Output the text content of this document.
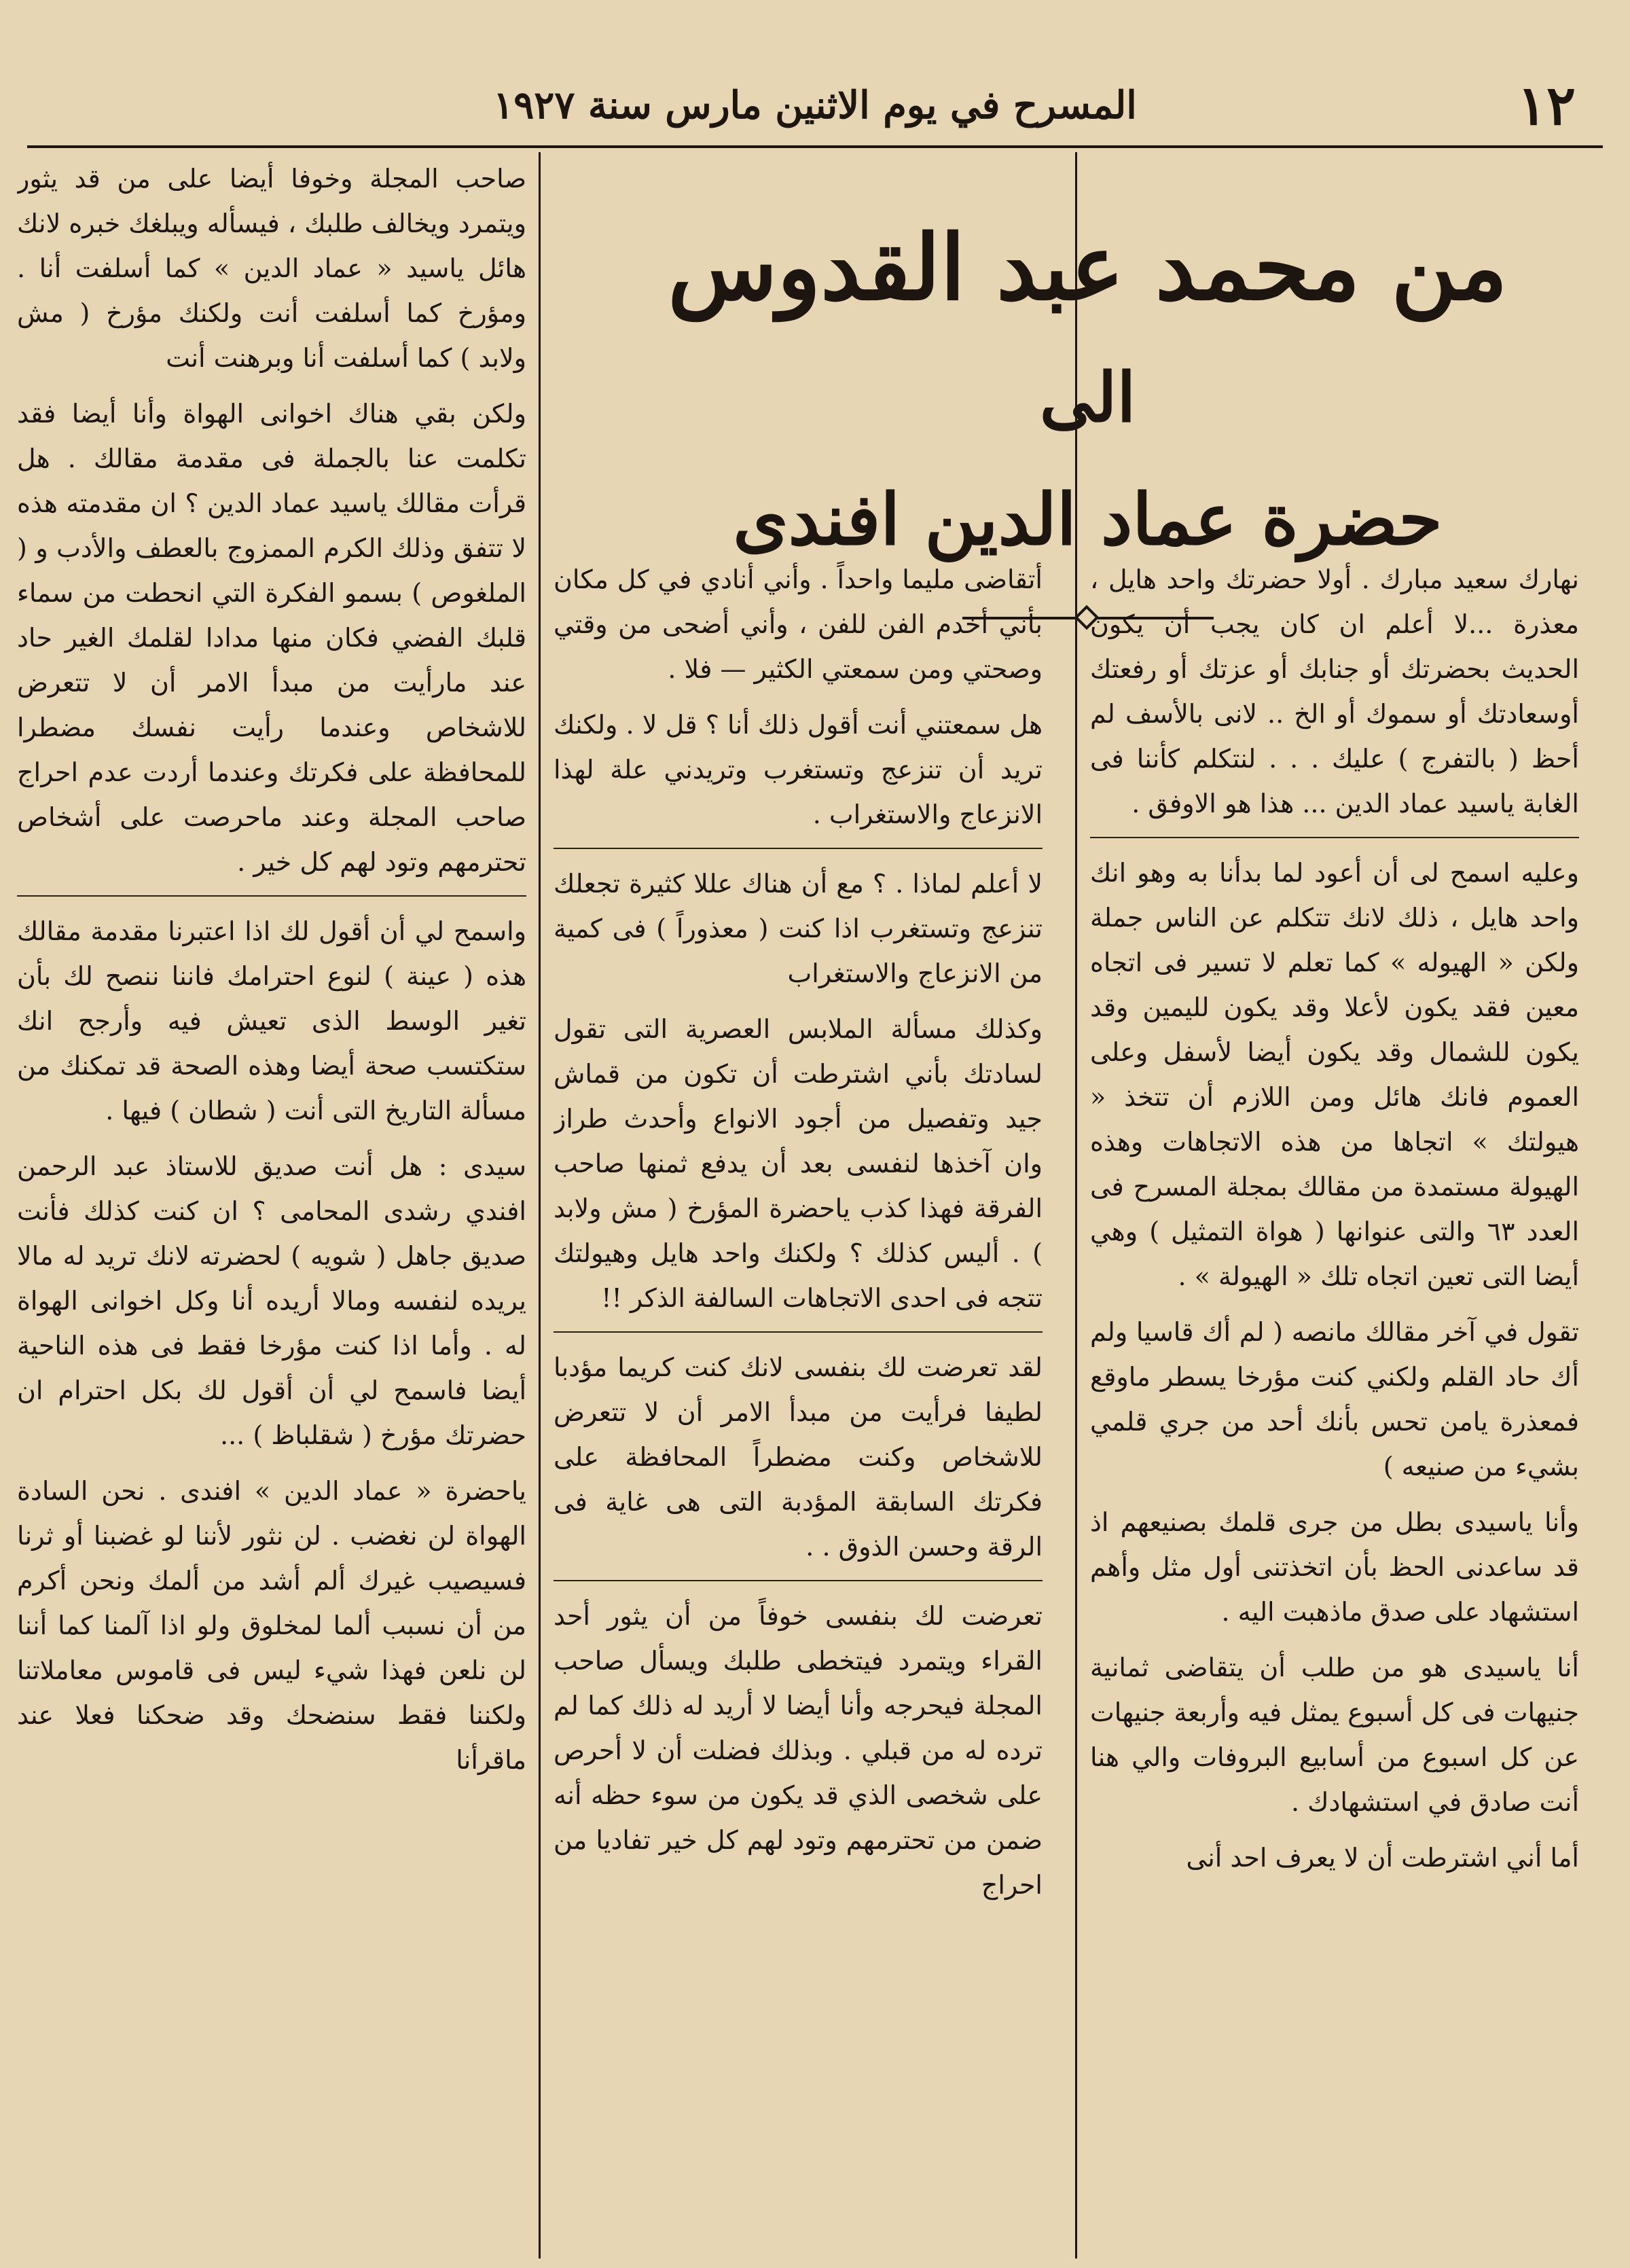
١٢
المسرح في يوم الاثنين مارس سنة ١٩٢٧
من محمد عبد القدوس
الى
حضرة عماد الدين افندى

نهارك سعيد مبارك . أولا حضرتك واحد هايل ، معذرة ...لا أعلم ان كان يجب أن يكون الحديث بحضرتك أو جنابك أو عزتك أو رفعتك أوسعادتك أو سموك أو الخ .. لانى بالأسف لم أحظ ( بالتفرج ) عليك . . . لنتكلم كأننا فى الغابة ياسيد عماد الدين ... هذا هو الاوفق .

وعليه اسمح لى أن أعود لما بدأنا به وهو انك واحد هايل ، ذلك لانك تتكلم عن الناس جملة ولكن « الهيوله » كما تعلم لا تسير فى اتجاه معين فقد يكون لأعلا وقد يكون لليمين وقد يكون للشمال وقد يكون أيضا لأسفل وعلى العموم فانك هائل ومن اللازم أن تتخذ « هيولتك » اتجاها من هذه الاتجاهات وهذه الهيولة مستمدة من مقالك بمجلة المسرح فى العدد ٦٣ والتى عنوانها ( هواة التمثيل ) وهي أيضا التى تعين اتجاه تلك « الهيولة » .

تقول في آخر مقالك مانصه ( لم أك قاسيا ولم أك حاد القلم ولكني كنت مؤرخا يسطر ماوقع فمعذرة يامن تحس بأنك أحد من جري قلمي بشيء من صنيعه )

وأنا ياسيدى بطل من جرى قلمك بصنيعهم اذ قد ساعدنى الحظ بأن اتخذتنى أول مثل وأهم استشهاد على صدق ماذهبت اليه .

أنا ياسيدى هو من طلب أن يتقاضى ثمانية جنيهات فى كل أسبوع يمثل فيه وأربعة جنيهات عن كل اسبوع من أسابيع البروفات والي هنا أنت صادق في استشهادك .

أما أني اشترطت أن لا يعرف احد أنى

أتقاضى مليما واحداً . وأني أنادي في كل مكان بأني أخدم الفن للفن ، وأني أضحى من وقتي وصحتي ومن سمعتي الكثير — فلا .

هل سمعتني أنت أقول ذلك أنا ؟ قل لا . ولكنك تريد أن تنزعج وتستغرب وتريدني علة لهذا الانزعاج والاستغراب .

لا أعلم لماذا . ؟ مع أن هناك عللا كثيرة تجعلك تنزعج وتستغرب اذا كنت ( معذوراً ) فى كمية من الانزعاج والاستغراب

وكذلك مسألة الملابس العصرية التى تقول لسادتك بأني اشترطت أن تكون من قماش جيد وتفصيل من أجود الانواع وأحدث طراز وان آخذها لنفسى بعد أن يدفع ثمنها صاحب الفرقة فهذا كذب ياحضرة المؤرخ ( مش ولابد ) . أليس كذلك ؟ ولكنك واحد هايل وهيولتك تتجه فى احدى الاتجاهات السالفة الذكر !!

لقد تعرضت لك بنفسى لانك كنت كريما مؤدبا لطيفا فرأيت من مبدأ الامر أن لا تتعرض للاشخاص وكنت مضطراً المحافظة على فكرتك السابقة المؤدبة التى هى غاية فى الرقة وحسن الذوق . .

تعرضت لك بنفسى خوفاً من أن يثور أحد القراء ويتمرد فيتخطى طلبك ويسأل صاحب المجلة فيحرجه وأنا أيضا لا أريد له ذلك كما لم ترده له من قبلي . وبذلك فضلت أن لا أحرص على شخصى الذي قد يكون من سوء حظه أنه ضمن من تحترمهم وتود لهم كل خير تفاديا من احراج

صاحب المجلة وخوفا أيضا على من قد يثور ويتمرد ويخالف طلبك ، فيسأله ويبلغك خبره لانك هائل ياسيد « عماد الدين » كما أسلفت أنا . ومؤرخ كما أسلفت أنت ولكنك مؤرخ ( مش ولابد ) كما أسلفت أنا وبرهنت أنت

ولكن بقي هناك اخوانى الهواة وأنا أيضا فقد تكلمت عنا بالجملة فى مقدمة مقالك . هل قرأت مقالك ياسيد عماد الدين ؟ ان مقدمته هذه لا تتفق وذلك الكرم الممزوج بالعطف والأدب و ( الملغوص ) بسمو الفكرة التي انحطت من سماء قلبك الفضي فكان منها مدادا لقلمك الغير حاد عند مارأيت من مبدأ الامر أن لا تتعرض للاشخاص وعندما رأيت نفسك مضطرا للمحافظة على فكرتك وعندما أردت عدم احراج صاحب المجلة وعند ماحرصت على أشخاص تحترمهم وتود لهم كل خير .

واسمح لي أن أقول لك اذا اعتبرنا مقدمة مقالك هذه ( عينة ) لنوع احترامك فاننا ننصح لك بأن تغير الوسط الذى تعيش فيه وأرجح انك ستكتسب صحة أيضا وهذه الصحة قد تمكنك من مسألة التاريخ التى أنت ( شطان ) فيها .

سيدى : هل أنت صديق للاستاذ عبد الرحمن افندي رشدى المحامى ؟ ان كنت كذلك فأنت صديق جاهل ( شويه ) لحضرته لانك تريد له مالا يريده لنفسه ومالا أريده أنا وكل اخوانى الهواة له . وأما اذا كنت مؤرخا فقط فى هذه الناحية أيضا فاسمح لي أن أقول لك بكل احترام ان حضرتك مؤرخ ( شقلباظ ) ...

ياحضرة « عماد الدين » افندى . نحن السادة الهواة لن نغضب . لن نثور لأننا لو غضبنا أو ثرنا فسيصيب غيرك ألم أشد من ألمك ونحن أكرم من أن نسبب ألما لمخلوق ولو اذا آلمنا كما أننا لن نلعن فهذا شيء ليس فى قاموس معاملاتنا ولكننا فقط سنضحك وقد ضحكنا فعلا عند ماقرأنا
